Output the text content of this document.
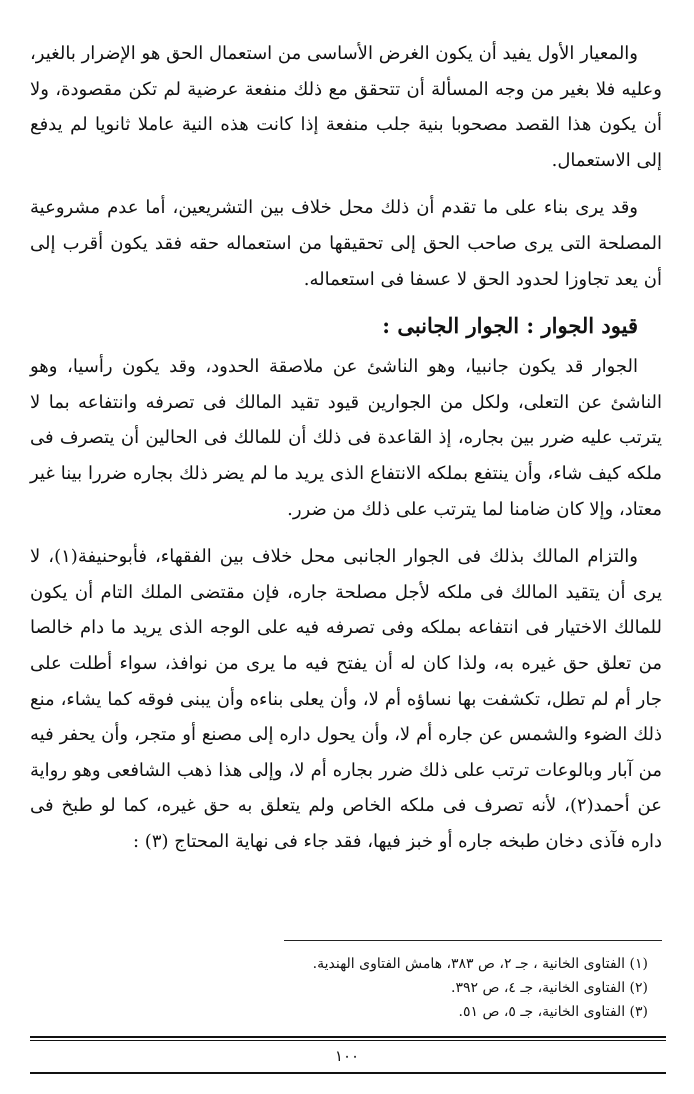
والمعيار الأول يفيد أن يكون الغرض الأساسى من استعمال الحق هو الإضرار بالغير، وعليه فلا بغير من وجه المسألة أن تتحقق مع ذلك منفعة عرضية لم تكن مقصودة، ولا أن يكون هذا القصد مصحوبا بنية جلب منفعة إذا كانت هذه النية عاملا ثانويا لم يدفع إلى الاستعمال.

وقد يرى بناء على ما تقدم أن ذلك محل خلاف بين التشريعين، أما عدم مشروعية المصلحة التى يرى صاحب الحق إلى تحقيقها من استعماله حقه فقد يكون أقرب إلى أن يعد تجاوزا لحدود الحق لا عسفا فى استعماله.

قيود الجوار : الجوار الجانبى :

الجوار قد يكون جانبيا، وهو الناشئ عن ملاصقة الحدود، وقد يكون رأسيا، وهو الناشئ عن التعلى، ولكل من الجوارين قيود تقيد المالك فى تصرفه وانتفاعه بما لا يترتب عليه ضرر بين بجاره، إذ القاعدة فى ذلك أن للمالك فى الحالين أن يتصرف فى ملكه كيف شاء، وأن ينتفع بملكه الانتفاع الذى يريد ما لم يضر ذلك بجاره ضررا بينا غير معتاد، وإلا كان ضامنا لما يترتب على ذلك من ضرر.

والتزام المالك بذلك فى الجوار الجانبى محل خلاف بين الفقهاء، فأبوحنيفة(١)، لا يرى أن يتقيد المالك فى ملكه لأجل مصلحة جاره، فإن مقتضى الملك التام أن يكون للمالك الاختيار فى انتفاعه بملكه وفى تصرفه فيه على الوجه الذى يريد ما دام خالصا من تعلق حق غيره به، ولذا كان له أن يفتح فيه ما يرى من نوافذ، سواء أطلت على جار أم لم تطل، تكشفت بها نساؤه أم لا، وأن يعلى بناءه وأن يبنى فوقه كما يشاء، منع ذلك الضوء والشمس عن جاره أم لا، وأن يحول داره إلى مصنع أو متجر، وأن يحفر فيه من آبار وبالوعات ترتب على ذلك ضرر بجاره أم لا، وإلى هذا ذهب الشافعى وهو رواية عن أحمد(٢)، لأنه تصرف فى ملكه الخاص ولم يتعلق به حق غيره، كما لو طبخ فى داره فآذى دخان طبخه جاره أو خبز فيها، فقد جاء فى نهاية المحتاج (٣) :

(١) الفتاوى الخانية ، جـ ٢، ص ٣٨٣، هامش الفتاوى الهندية.

(٢) الفتاوى الخانية، جـ ٤، ص ٣٩٢.

(٣) الفتاوى الخانية، جـ ٥، ص ٥١.

١٠٠
